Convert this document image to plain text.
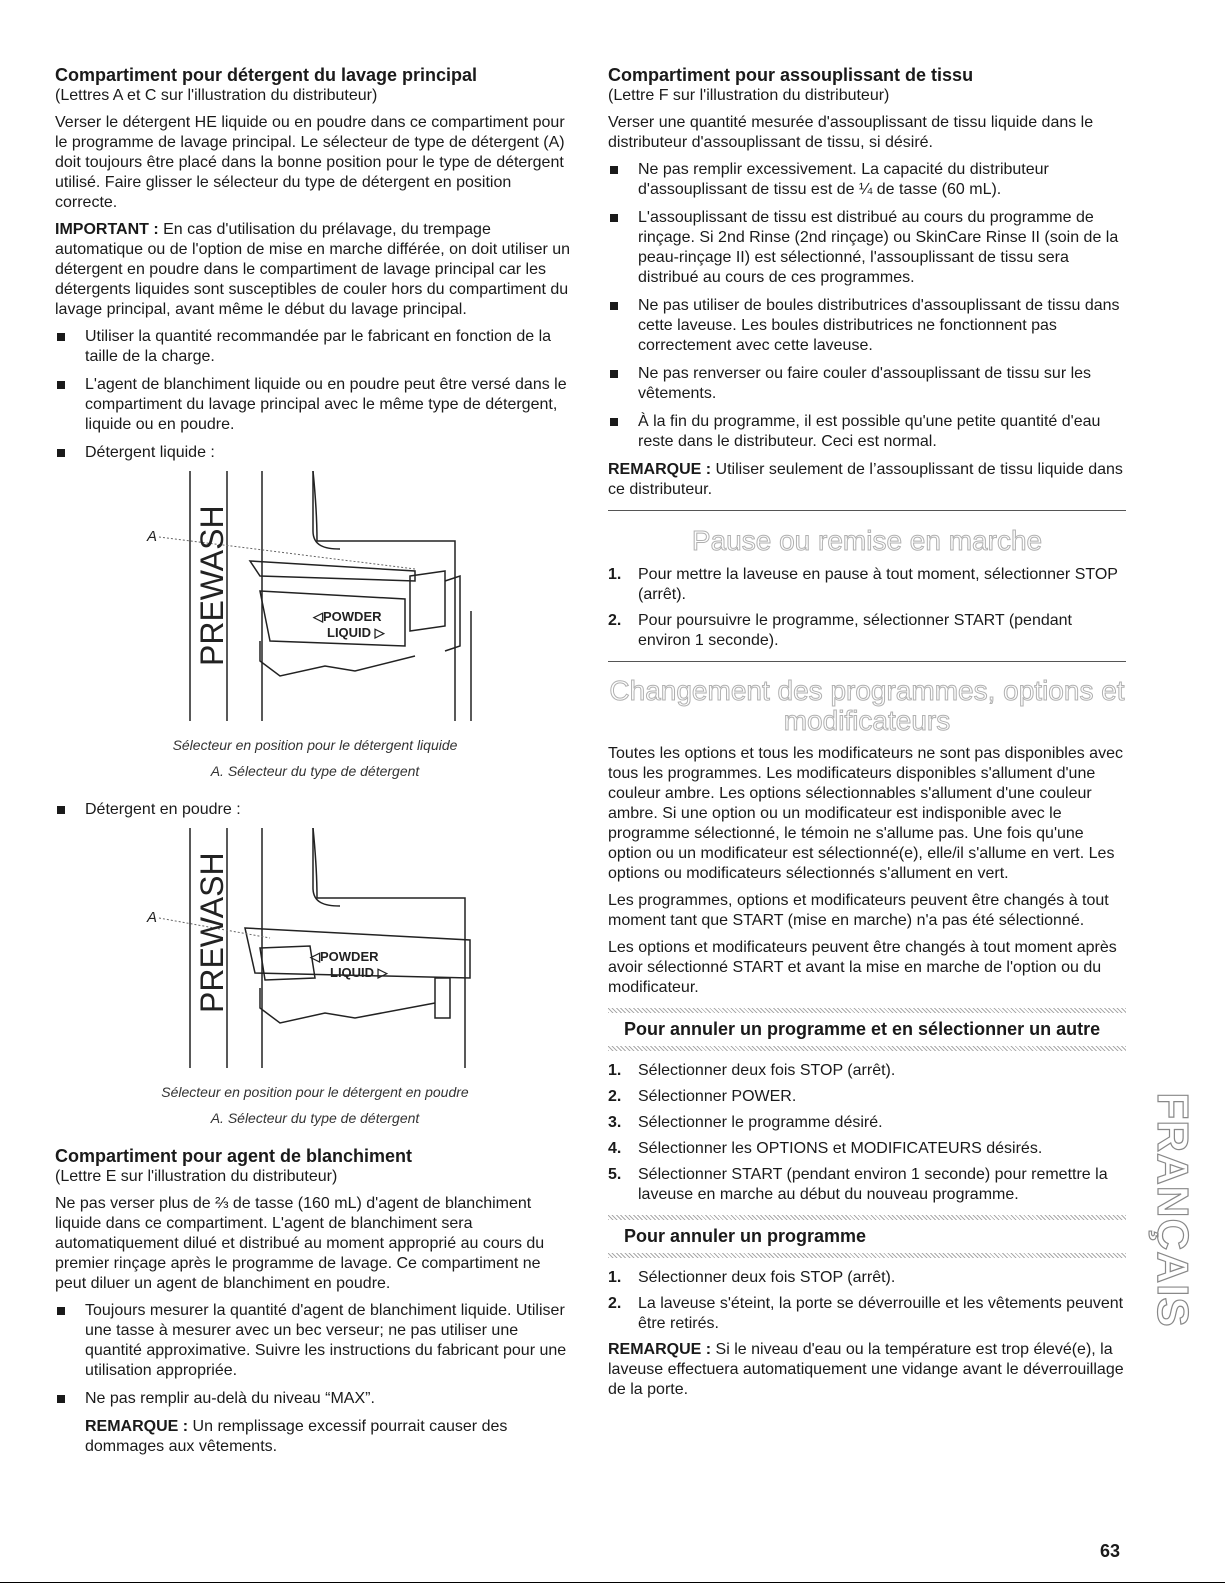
Compartiment pour détergent du lavage principal

(Lettres A et C sur l'illustration du distributeur)

Verser le détergent HE liquide ou en poudre dans ce compartiment pour le programme de lavage principal. Le sélecteur de type de détergent (A) doit toujours être placé dans la bonne position pour le type de détergent utilisé. Faire glisser le sélecteur du type de détergent en position correcte.

IMPORTANT : En cas d'utilisation du prélavage, du trempage automatique ou de l'option de mise en marche différée, on doit utiliser un détergent en poudre dans le compartiment de lavage principal car les détergents liquides sont susceptibles de couler hors du compartiment du lavage principal, avant même le début du lavage principal.

Utiliser la quantité recommandée par le fabricant en fonction de la taille de la charge.
L'agent de blanchiment liquide ou en poudre peut être versé dans le compartiment du lavage principal avec le même type de détergent, liquide ou en poudre.
Détergent liquide :
A PREWASH	◁POWDER
LIQUID ▷

Sélecteur en position pour le détergent liquide

A. Sélecteur du type de détergent

Détergent en poudre :
A PREWASH	◁POWDER
LIQUID ▷

Sélecteur en position pour le détergent en poudre

A. Sélecteur du type de détergent

Compartiment pour agent de blanchiment

(Lettre E sur l'illustration du distributeur)

Ne pas verser plus de ⅔ de tasse (160 mL) d'agent de blanchiment liquide dans ce compartiment. L'agent de blanchiment sera automatiquement dilué et distribué au moment approprié au cours du premier rinçage après le programme de lavage. Ce compartiment ne peut diluer un agent de blanchiment en poudre.

Toujours mesurer la quantité d'agent de blanchiment liquide. Utiliser une tasse à mesurer avec un bec verseur; ne pas utiliser une quantité approximative. Suivre les instructions du fabricant pour une utilisation appropriée.
Ne pas remplir au-delà du niveau “MAX”.

REMARQUE : Un remplissage excessif pourrait causer des dommages aux vêtements.

Compartiment pour assouplissant de tissu

(Lettre F sur l'illustration du distributeur)

Verser une quantité mesurée d'assouplissant de tissu liquide dans le distributeur d'assouplissant de tissu, si désiré.

Ne pas remplir excessivement. La capacité du distributeur d'assouplissant de tissu est de ¼ de tasse (60 mL).
L'assouplissant de tissu est distribué au cours du programme de rinçage. Si 2nd Rinse (2nd rinçage) ou SkinCare Rinse II (soin de la peau-rinçage II) est sélectionné, l'assouplissant de tissu sera distribué au cours de ces programmes.
Ne pas utiliser de boules distributrices d'assouplissant de tissu dans cette laveuse. Les boules distributrices ne fonctionnent pas correctement avec cette laveuse.
Ne pas renverser ou faire couler d'assouplissant de tissu sur les vêtements.
À la fin du programme, il est possible qu'une petite quantité d'eau reste dans le distributeur. Ceci est normal.

REMARQUE : Utiliser seulement de l’assouplissant de tissu liquide dans ce distributeur.

Pause ou remise en marche
1. Pour mettre la laveuse en pause à tout moment, sélectionner STOP (arrêt).
2. Pour poursuivre le programme, sélectionner START (pendant environ 1 seconde).
Changement des programmes, options et
modificateurs

Toutes les options et tous les modificateurs ne sont pas disponibles avec tous les programmes. Les modificateurs disponibles s'allument d'une couleur ambre. Les options sélectionnables s'allument d'une couleur ambre. Si une option ou un modificateur est indisponible avec le programme sélectionné, le témoin ne s'allume pas. Une fois qu'une option ou un modificateur est sélectionné(e), elle/il s'allume en vert. Les options ou modificateurs sélectionnés s'allument en vert.

Les programmes, options et modificateurs peuvent être changés à tout moment tant que START (mise en marche) n'a pas été sélectionné.

Les options et modificateurs peuvent être changés à tout moment après avoir sélectionné START et avant la mise en marche de l'option ou du modificateur.

Pour annuler un programme et en sélectionner un autre
1. Sélectionner deux fois STOP (arrêt).
2. Sélectionner POWER.
3. Sélectionner le programme désiré.
4. Sélectionner les OPTIONS et MODIFICATEURS désirés.
5. Sélectionner START (pendant environ 1 seconde) pour remettre la laveuse en marche au début du nouveau programme.
Pour annuler un programme
1. Sélectionner deux fois STOP (arrêt).
2. La laveuse s'éteint, la porte se déverrouille et les vêtements peuvent être retirés.

REMARQUE : Si le niveau d'eau ou la température est trop élevé(e), la laveuse effectuera automatiquement une vidange avant le déverrouillage de la porte.

FRANÇAIS
63
